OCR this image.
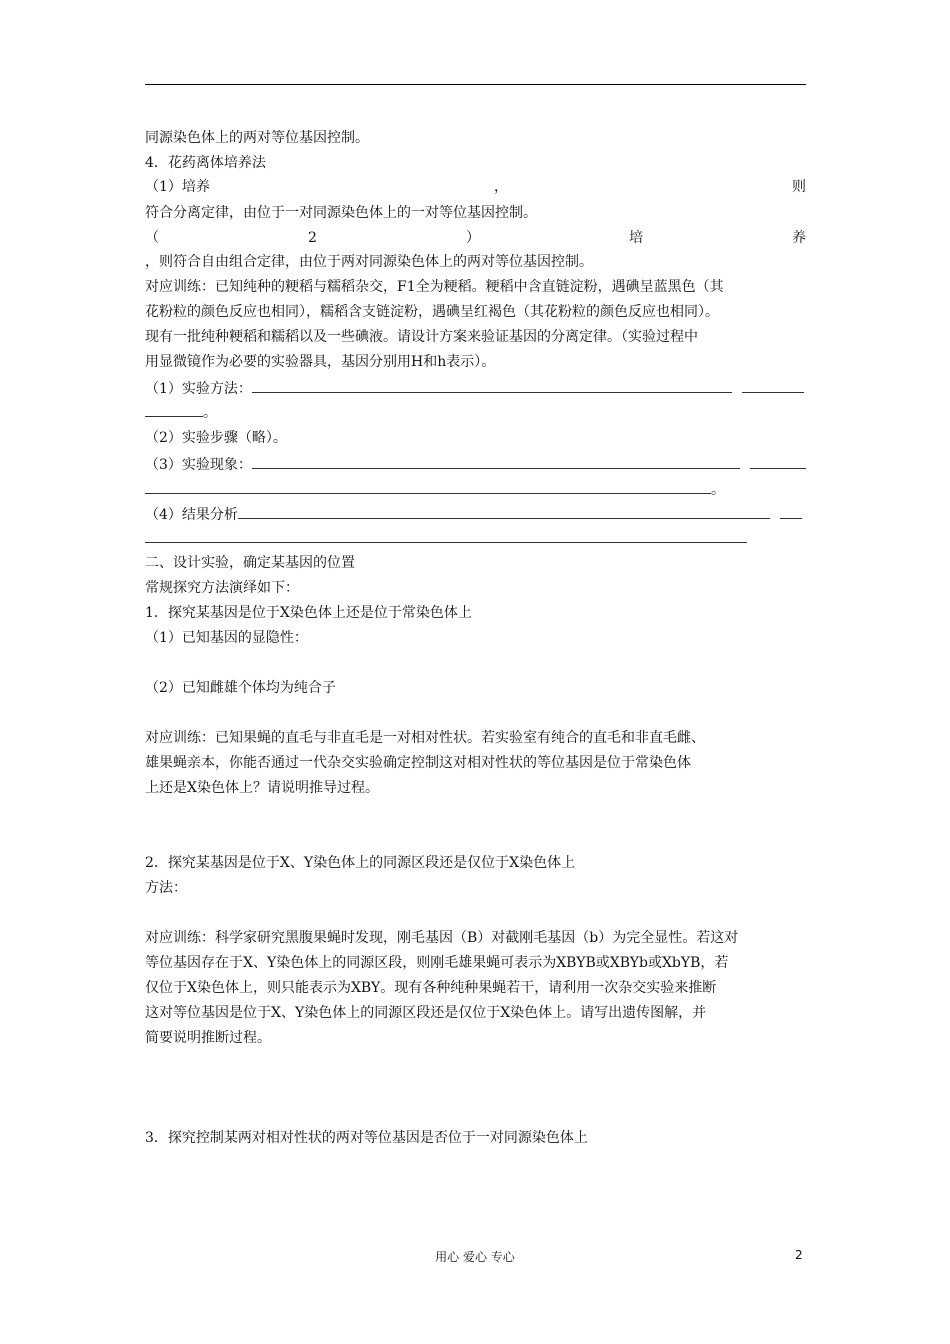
同源染色体上的两对等位基因控制。
4．花药离体培养法
（1）培养	，	则
符合分离定律，由位于一对同源染色体上的一对等位基因控制。
（	2	）	培	养
，则符合自由组合定律，由位于两对同源染色体上的两对等位基因控制。
对应训练：已知纯种的粳稻与糯稻杂交，F1全为粳稻。粳稻中含直链淀粉，遇碘呈蓝黑色（其
花粉粒的颜色反应也相同），糯稻含支链淀粉，遇碘呈红褐色（其花粉粒的颜色反应也相同）。
现有一批纯种粳稻和糯稻以及一些碘液。请设计方案来验证基因的分离定律。（实验过程中
用显微镜作为必要的实验器具，基因分别用H和h表示）。
（1）实验方法：
。
（2）实验步骤（略）。
（3）实验现象：
。
（4）结果分析
二、设计实验，确定某基因的位置
常规探究方法演绎如下：
1．探究某基因是位于X染色体上还是位于常染色体上
（1）已知基因的显隐性：
（2）已知雌雄个体均为纯合子
对应训练：已知果蝇的直毛与非直毛是一对相对性状。若实验室有纯合的直毛和非直毛雌、
雄果蝇亲本，你能否通过一代杂交实验确定控制这对相对性状的等位基因是位于常染色体
上还是X染色体上？请说明推导过程。
2．探究某基因是位于X、Y染色体上的同源区段还是仅位于X染色体上
方法：
对应训练：科学家研究黑腹果蝇时发现，刚毛基因（B）对截刚毛基因（b）为完全显性。若这对
等位基因存在于X、Y染色体上的同源区段，则刚毛雄果蝇可表示为XBYB或XBYb或XbYB，若
仅位于X染色体上，则只能表示为XBY。现有各种纯种果蝇若干，请利用一次杂交实验来推断
这对等位基因是位于X、Y染色体上的同源区段还是仅位于X染色体上。请写出遗传图解，并
简要说明推断过程。
3．探究控制某两对相对性状的两对等位基因是否位于一对同源染色体上
用心 爱心 专心	2
